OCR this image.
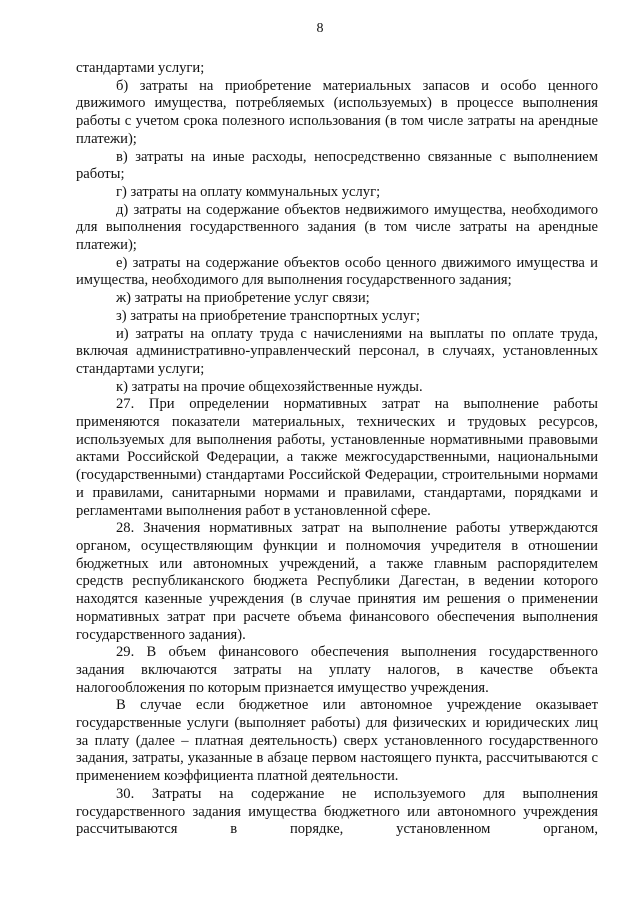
8

стандартами услуги;

б) затраты на приобретение материальных запасов и особо ценного движимого имущества, потребляемых (используемых) в процессе выполнения работы с учетом срока полезного использования (в том числе затраты на арендные платежи);

в) затраты на иные расходы, непосредственно связанные с выполнением работы;

г) затраты на оплату коммунальных услуг;

д) затраты на содержание объектов недвижимого имущества, необходимого для выполнения государственного задания (в том числе затраты на арендные платежи);

е) затраты на содержание объектов особо ценного движимого имущества и имущества, необходимого для выполнения государственного задания;

ж) затраты на приобретение услуг связи;

з) затраты на приобретение транспортных услуг;

и) затраты на оплату труда с начислениями на выплаты по оплате труда, включая административно-управленческий персонал, в случаях, установленных стандартами услуги;

к) затраты на прочие общехозяйственные нужды.

27. При определении нормативных затрат на выполнение работы применяются показатели материальных, технических и трудовых ресурсов, используемых для выполнения работы, установленные нормативными правовыми актами Российской Федерации, а также межгосударственными, национальными (государственными) стандартами Российской Федерации, строительными нормами и правилами, санитарными нормами и правилами, стандартами, порядками и регламентами выполнения работ в установленной сфере.

28. Значения нормативных затрат на выполнение работы утверждаются органом, осуществляющим функции и полномочия учредителя в отношении бюджетных или автономных учреждений, а также главным распорядителем средств республиканского бюджета Республики Дагестан, в ведении которого находятся казенные учреждения (в случае принятия им решения о применении нормативных затрат при расчете объема финансового обеспечения выполнения государственного задания).

29. В объем финансового обеспечения выполнения государственного задания включаются затраты на уплату налогов, в качестве объекта налогообложения по которым признается имущество учреждения.

В случае если бюджетное или автономное учреждение оказывает государственные услуги (выполняет работы) для физических и юридических лиц за плату (далее – платная деятельность) сверх установленного государственного задания, затраты, указанные в абзаце первом настоящего пункта, рассчитываются с применением коэффициента платной деятельности.

30. Затраты на содержание не используемого для выполнения государственного задания имущества бюджетного или автономного учреждения рассчитываются в порядке, установленном органом,
